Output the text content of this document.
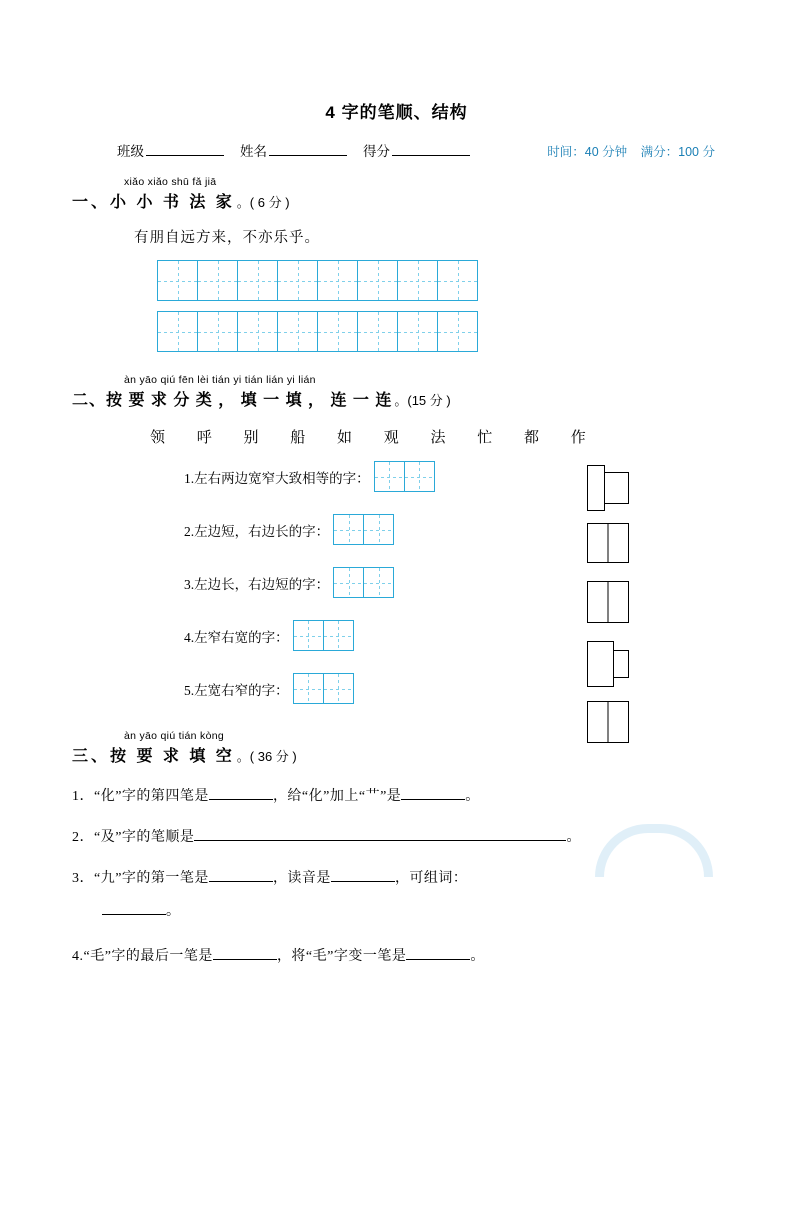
4 字的笔顺、结构
班级	姓名	得分	时间：40 分钟 满分：100 分
xiǎo xiǎo shū fǎ jiā
一、小 小 书 法 家 。( 6 分 )
有朋自远方来，不亦乐乎。
àn yāo qiú fēn lèi tián yi tián lián yi lián
二、按 要 求 分 类 ， 填 一 填 ， 连 一 连 。(15 分 )
领 呼 别 船 如 观 法 忙 都 作
1.左右两边宽窄大致相等的字：
2.左边短，右边长的字：
3.左边长，右边短的字：
4.左窄右宽的字：
5.左宽右窄的字：
àn yāo qiú tián kòng
三、按 要 求 填 空 。( 36 分 )
1．“化”字的第四笔是	，给“化”加上“艹”是	。
2．“及”字的笔顺是	。
3．“九”字的第一笔是	，读音是	，可组词：
。
4.“毛”字的最后一笔是	，将“毛”字变一笔是	。
